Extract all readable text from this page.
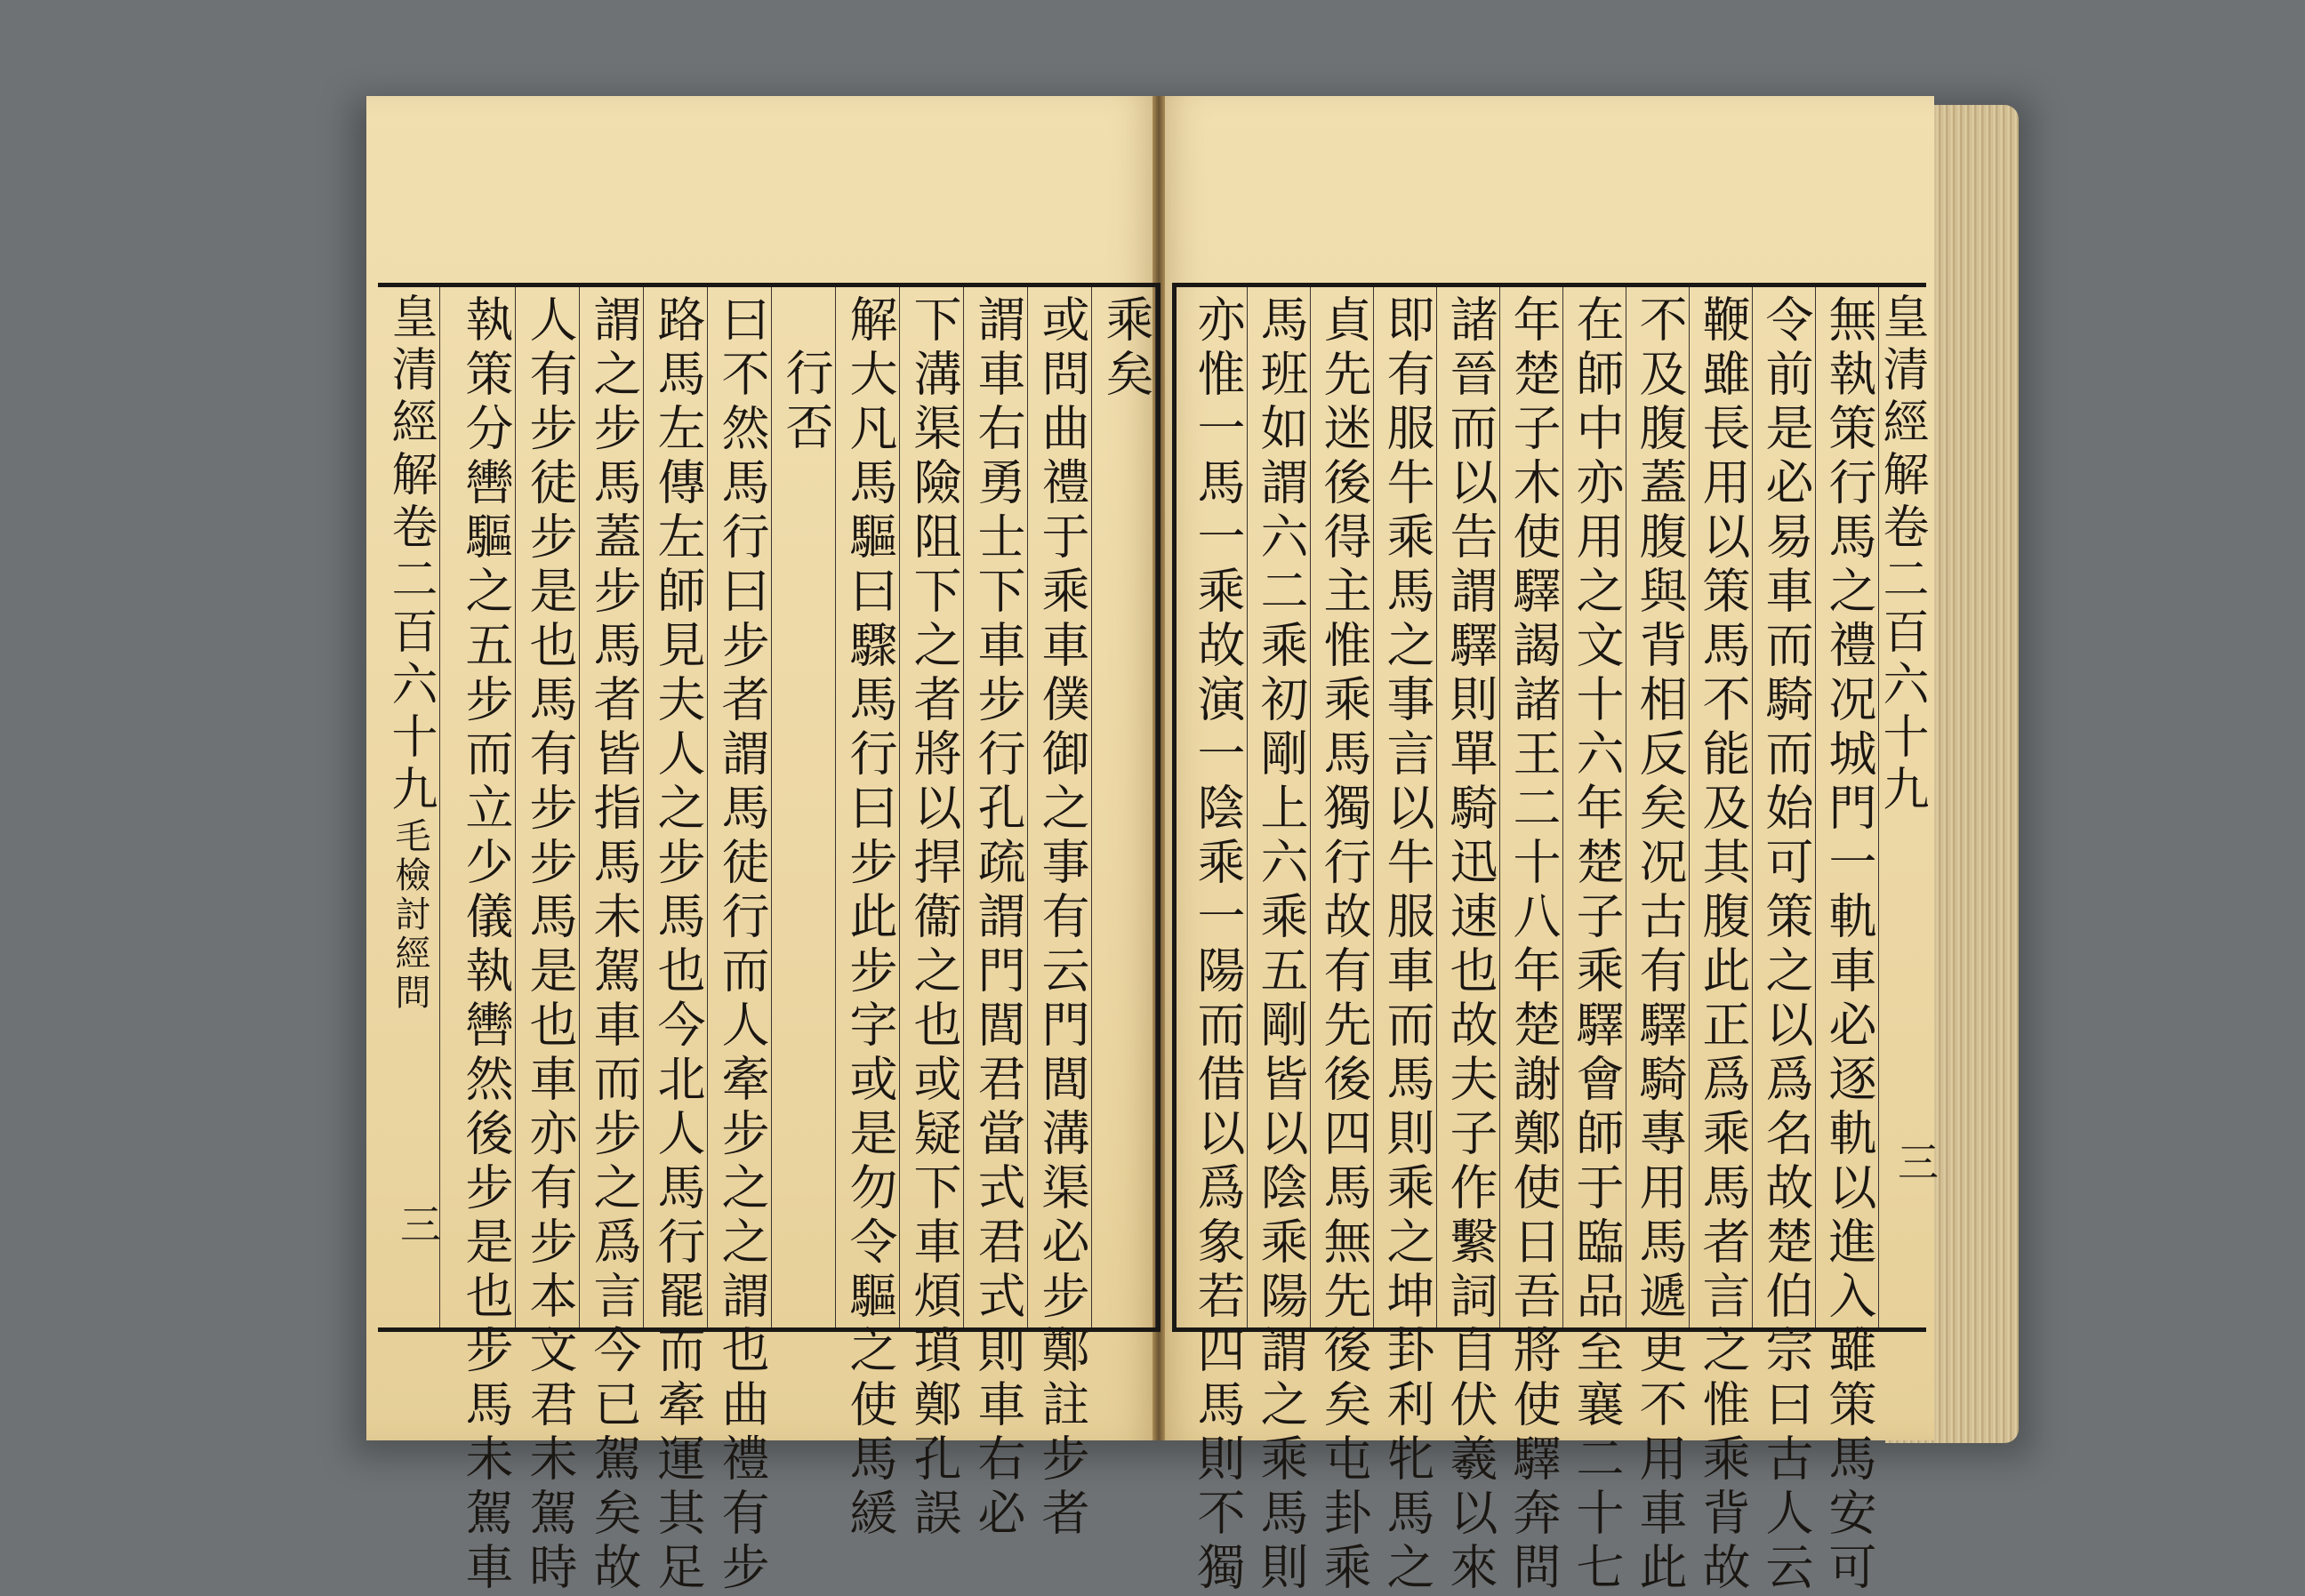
皇清經解卷二百六十九毛檢討經問
三
乘矣
或問曲禮于乘車僕御之事有云門閭溝渠必步鄭註步者
謂車右勇士下車步行孔疏謂門閭君當式君式則車右必
下溝渠險阻下之者將以捍衞之也或疑下車煩瑣鄭孔誤
解大凡馬驅曰驟馬行曰步此步字或是勿令驅之使馬緩
行否
曰不然馬行曰步者謂馬徒行而人牽步之之謂也曲禮有步
路馬左傳左師見夫人之步馬也今北人馬行罷而牽運其足
謂之步馬蓋步馬者皆指馬未駕車而步之爲言今已駕矣故
人有步徒步是也馬有步步馬是也車亦有步本文君未駕時
執策分轡驅之五步而立少儀執轡然後步是也步馬未駕車	無執策行馬之禮况城門一軌車必逐軌以進入雖策馬安可
令前是必易車而騎而始可策之以爲名故楚伯宗曰古人云
鞭雖長用以策馬不能及其腹此正爲乘馬者言之惟乘背故
不及腹蓋腹與背相反矣况古有驛騎專用馬遞更不用車此
在師中亦用之文十六年楚子乘驛會師于臨品至襄二十七
年楚子木使驛謁諸王二十八年楚謝鄭使日吾將使驛奔問
諸晉而以告謂驛則單騎迅速也故夫子作繫詞自伏羲以來
即有服牛乘馬之事言以牛服車而馬則乘之坤卦利牝馬之
貞先迷後得主惟乘馬獨行故有先後四馬無先後矣屯卦乘
馬班如謂六二乘初剛上六乘五剛皆以陰乘陽謂之乘馬則
亦惟一馬一乘故演一陰乘一陽而借以爲象若四馬則不獨	皇清經解卷二百六十九
三
